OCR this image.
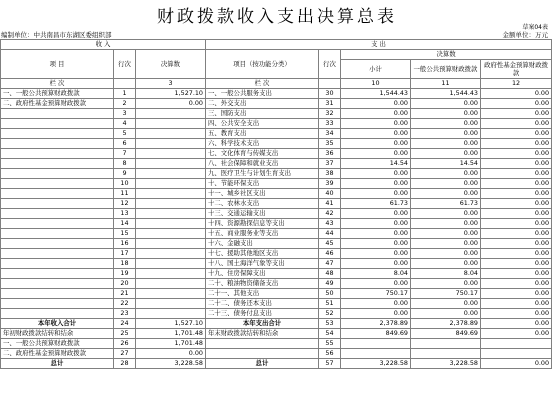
财政拨款收入支出决算总表
草案04表
编制单位：中共南昌市东湖区委组织部	金额单位：万元
收 入			支 出				
项 目	行次	决算数	项目（按功能分类）	行次	决算数		
					小计	一般公共预算财政拨款	政府性基金预算财政拨款
栏 次		3	栏 次		10	11	12
一、一般公共预算财政拨款	1	1,527.10	一、一般公共服务支出	30	1,544.43	1,544.43	0.00
二、政府性基金预算财政拨款	2	0.00	二、外交支出	31	0.00	0.00	0.00
	3		三、国防支出	32	0.00	0.00	0.00
	4		四、公共安全支出	33	0.00	0.00	0.00
	5		五、教育支出	34	0.00	0.00	0.00
	6		六、科学技术支出	35	0.00	0.00	0.00
	7		七、文化体育与传媒支出	36	0.00	0.00	0.00
	8		八、社会保障和就业支出	37	14.54	14.54	0.00
	9		九、医疗卫生与计划生育支出	38	0.00	0.00	0.00
	10		十、节能环保支出	39	0.00	0.00	0.00
	11		十一、城乡社区支出	40	0.00	0.00	0.00
	12		十二、农林水支出	41	61.73	61.73	0.00
	13		十三、交通运输支出	42	0.00	0.00	0.00
	14		十四、资源勘探信息等支出	43	0.00	0.00	0.00
	15		十五、商业服务业等支出	44	0.00	0.00	0.00
	16		十六、金融支出	45	0.00	0.00	0.00
	17		十七、援助其他地区支出	46	0.00	0.00	0.00
	18		十八、国土海洋气象等支出	47	0.00	0.00	0.00
	19		十九、住房保障支出	48	8.04	8.04	0.00
	20		二十、粮油物资储备支出	49	0.00	0.00	0.00
	21		二十一、其他支出	50	750.17	750.17	0.00
	22		二十二、债务还本支出	51	0.00	0.00	0.00
	23		二十三、债务付息支出	52	0.00	0.00	0.00
本年收入合计	24	1,527.10	本年支出合计	53	2,378.89	2,378.89	0.00
年初财政拨款结转和结余	25	1,701.48	年末财政拨款结转和结余	54	849.69	849.69	0.00
一、一般公共预算财政拨款	26	1,701.48		55			
二、政府性基金预算财政拨款	27	0.00		56			
总计	28	3,228.58	总计	57	3,228.58	3,228.58	0.00
